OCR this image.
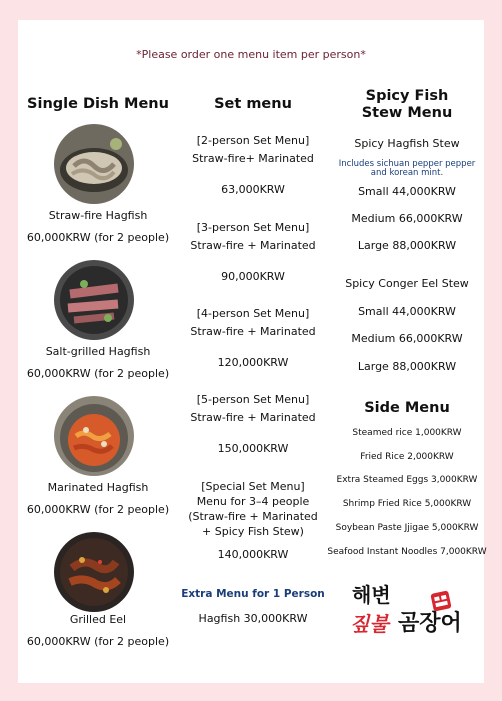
*Please order one menu item per person*
Single Dish Menu
Straw-fire Hagfish
60,000KRW (for 2 people)
Salt-grilled Hagfish
60,000KRW (for 2 people)
Marinated Hagfish
60,000KRW (for 2 people)
Grilled Eel
60,000KRW (for 2 people)
Set menu
[2-person Set Menu]
Straw-fire+ Marinated
63,000KRW
[3-person Set Menu]
Straw-fire + Marinated
90,000KRW
[4-person Set Menu]
Straw-fire + Marinated
120,000KRW
[5-person Set Menu]
Straw-fire + Marinated
150,000KRW
[Special Set Menu]
Menu for 3–4 people
(Straw-fire + Marinated
+ Spicy Fish Stew)
140,000KRW
Extra Menu for 1 Person
Hagfish 30,000KRW
Spicy Fish
Stew Menu
Spicy Hagfish Stew
Includes sichuan pepper pepper
and korean mint.
Small 44,000KRW
Medium 66,000KRW
Large 88,000KRW
Spicy Conger Eel Stew
Small 44,000KRW
Medium 66,000KRW
Large 88,000KRW
Side Menu
Steamed rice 1,000KRW
Fried Rice 2,000KRW
Extra Steamed Eggs 3,000KRW
Shrimp Fried Rice 5,000KRW
Soybean Paste Jjigae 5,000KRW
Seafood Instant Noodles 7,000KRW
해변
짚불 곰장어
